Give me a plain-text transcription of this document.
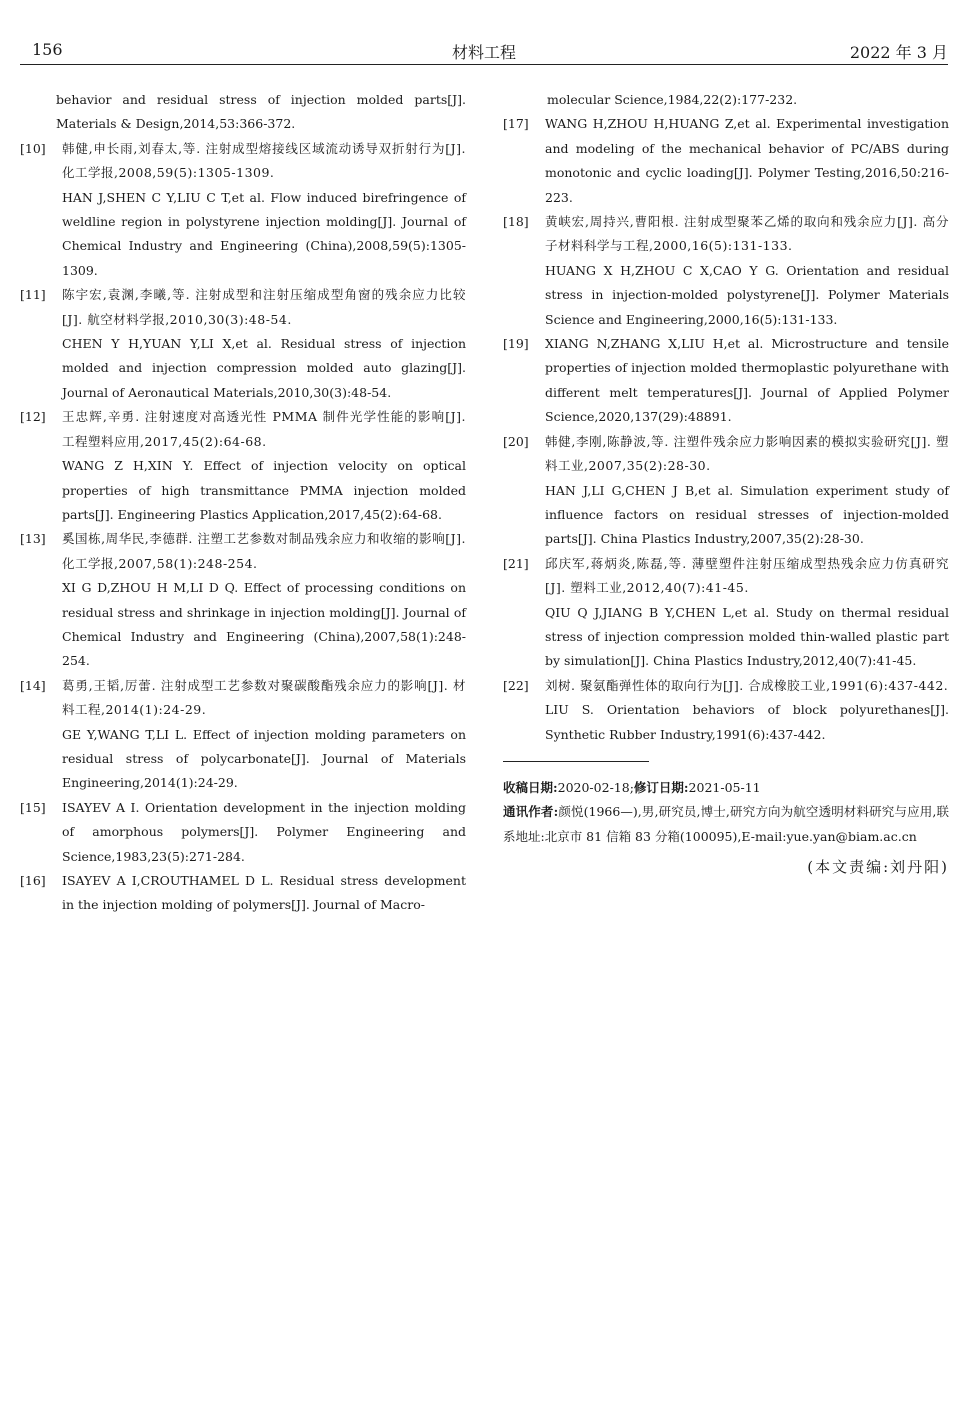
156	材料工程	2022 年 3 月

behavior and residual stress of injection molded parts[J]. Materials & Design,2014,53:366-372.

[10] 韩健,申长雨,刘春太,等. 注射成型熔接线区域流动诱导双折射行为[J]. 化工学报,2008,59(5):1305-1309.

HAN J,SHEN C Y,LIU C T,et al. Flow induced birefringence of weldline region in polystyrene injection molding[J]. Journal of Chemical Industry and Engineering (China),2008,59(5):1305-1309.

[11] 陈宇宏,袁渊,李曦,等. 注射成型和注射压缩成型角窗的残余应力比较[J]. 航空材料学报,2010,30(3):48-54.

CHEN Y H,YUAN Y,LI X,et al. Residual stress of injection molded and injection compression molded auto glazing[J]. Journal of Aeronautical Materials,2010,30(3):48-54.

[12] 王忠辉,辛勇. 注射速度对高透光性 PMMA 制件光学性能的影响[J]. 工程塑料应用,2017,45(2):64-68.

WANG Z H,XIN Y. Effect of injection velocity on optical properties of high transmittance PMMA injection molded parts[J]. Engineering Plastics Application,2017,45(2):64-68.

[13] 奚国栋,周华民,李德群. 注塑工艺参数对制品残余应力和收缩的影响[J]. 化工学报,2007,58(1):248-254.

XI G D,ZHOU H M,LI D Q. Effect of processing conditions on residual stress and shrinkage in injection molding[J]. Journal of Chemical Industry and Engineering (China),2007,58(1):248-254.

[14] 葛勇,王韬,厉蕾. 注射成型工艺参数对聚碳酸酯残余应力的影响[J]. 材料工程,2014(1):24-29.

GE Y,WANG T,LI L. Effect of injection molding parameters on residual stress of polycarbonate[J]. Journal of Materials Engineering,2014(1):24-29.

[15] ISAYEV A I. Orientation development in the injection molding of amorphous polymers[J]. Polymer Engineering and Science,1983,23(5):271-284.

[16] ISAYEV A I,CROUTHAMEL D L. Residual stress development in the injection molding of polymers[J]. Journal of Macro-

molecular Science,1984,22(2):177-232.

[17] WANG H,ZHOU H,HUANG Z,et al. Experimental investigation and modeling of the mechanical behavior of PC/ABS during monotonic and cyclic loading[J]. Polymer Testing,2016,50:216-223.

[18] 黄峡宏,周持兴,曹阳根. 注射成型聚苯乙烯的取向和残余应力[J]. 高分子材料科学与工程,2000,16(5):131-133.

HUANG X H,ZHOU C X,CAO Y G. Orientation and residual stress in injection-molded polystyrene[J]. Polymer Materials Science and Engineering,2000,16(5):131-133.

[19] XIANG N,ZHANG X,LIU H,et al. Microstructure and tensile properties of injection molded thermoplastic polyurethane with different melt temperatures[J]. Journal of Applied Polymer Science,2020,137(29):48891.

[20] 韩健,李刚,陈静波,等. 注塑件残余应力影响因素的模拟实验研究[J]. 塑料工业,2007,35(2):28-30.

HAN J,LI G,CHEN J B,et al. Simulation experiment study of influence factors on residual stresses of injection-molded parts[J]. China Plastics Industry,2007,35(2):28-30.

[21] 邱庆军,蒋炳炎,陈磊,等. 薄壁塑件注射压缩成型热残余应力仿真研究[J]. 塑料工业,2012,40(7):41-45.

QIU Q J,JIANG B Y,CHEN L,et al. Study on thermal residual stress of injection compression molded thin-walled plastic part by simulation[J]. China Plastics Industry,2012,40(7):41-45.

[22] 刘树. 聚氨酯弹性体的取向行为[J]. 合成橡胶工业,1991(6):437-442.

LIU S. Orientation behaviors of block polyurethanes[J]. Synthetic Rubber Industry,1991(6):437-442.

收稿日期:2020-02-18;修订日期:2021-05-11
通讯作者:颜悦(1966—),男,研究员,博士,研究方向为航空透明材料研究与应用,联系地址:北京市 81 信箱 83 分箱(100095),E-mail:yue.yan@biam.ac.cn
(本文责编:刘丹阳)
